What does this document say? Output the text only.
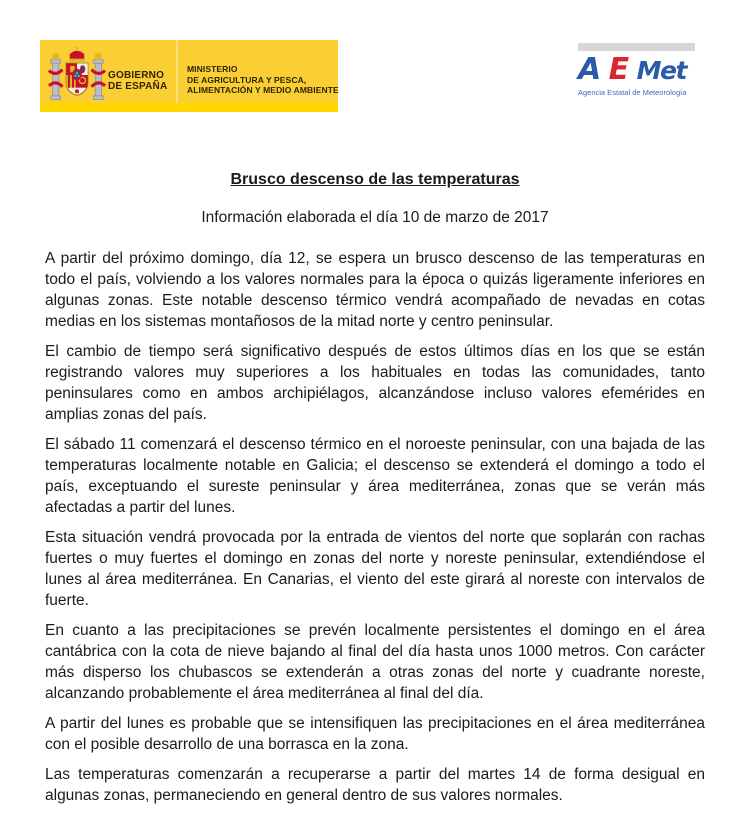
GOBIERNO
DE ESPAÑA
MINISTERIO
DE AGRICULTURA Y PESCA,
ALIMENTACIÓN Y MEDIO AMBIENTE
A E Met
Agencia Estatal de Meteorología
Brusco descenso de las temperaturas

Información elaborada el día 10 de marzo de 2017

A partir del próximo domingo, día 12, se espera un brusco descenso de las temperaturas en todo el país, volviendo a los valores normales para la época o quizás ligeramente inferiores en algunas zonas. Este notable descenso térmico vendrá acompañado de nevadas en cotas medias en los sistemas montañosos de la mitad norte y centro peninsular.

El cambio de tiempo será significativo después de estos últimos días en los que se están registrando valores muy superiores a los habituales en todas las comunidades, tanto peninsulares como en ambos archipiélagos, alcanzándose incluso valores efemérides en amplias zonas del país.

El sábado 11 comenzará el descenso térmico en el noroeste peninsular, con una bajada de las temperaturas localmente notable en Galicia; el descenso se extenderá el domingo a todo el país, exceptuando el sureste peninsular y área mediterránea, zonas que se verán más afectadas a partir del lunes.

Esta situación vendrá provocada por la entrada de vientos del norte que soplarán con rachas fuertes o muy fuertes el domingo en zonas del norte y noreste peninsular, extendiéndose el lunes al área mediterránea. En Canarias, el viento del este girará al noreste con intervalos de fuerte.

En cuanto a las precipitaciones se prevén localmente persistentes el domingo en el área cantábrica con la cota de nieve bajando al final del día hasta unos 1000 metros. Con carácter más disperso los chubascos se extenderán a otras zonas del norte y cuadrante noreste, alcanzando probablemente el área mediterránea al final del día.

A partir del lunes es probable que se intensifiquen las precipitaciones en el área mediterránea con el posible desarrollo de una borrasca en la zona.

Las temperaturas comenzarán a recuperarse a partir del martes 14 de forma desigual en algunas zonas, permaneciendo en general dentro de sus valores normales.
